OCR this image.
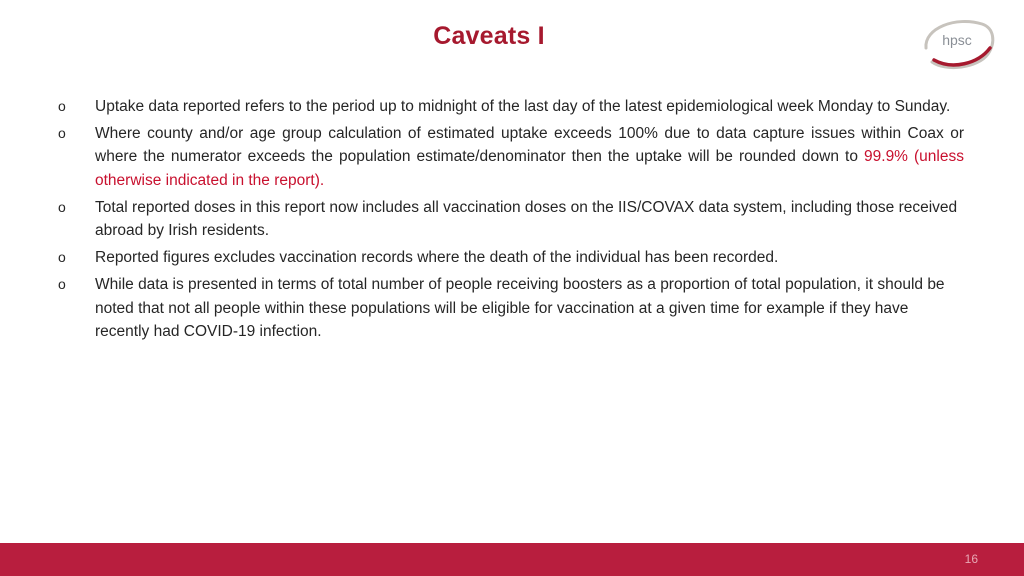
Caveats I	hpsc
o Uptake data reported refers to the period up to midnight of the last day of the latest epidemiological week Monday to Sunday.
o Where county and/or age group calculation of estimated uptake exceeds 100% due to data capture issues within Coax or where the numerator exceeds the population estimate/denominator then the uptake will be rounded down to 99.9% (unless otherwise indicated in the report).
o Total reported doses in this report now includes all vaccination doses on the IIS/COVAX data system, including those received abroad by Irish residents.
o Reported figures excludes vaccination records where the death of the individual has been recorded.
o While data is presented in terms of total number of people receiving boosters as a proportion of total population, it should be noted that not all people within these populations will be eligible for vaccination at a given time for example if they have recently had COVID-19 infection.
16
